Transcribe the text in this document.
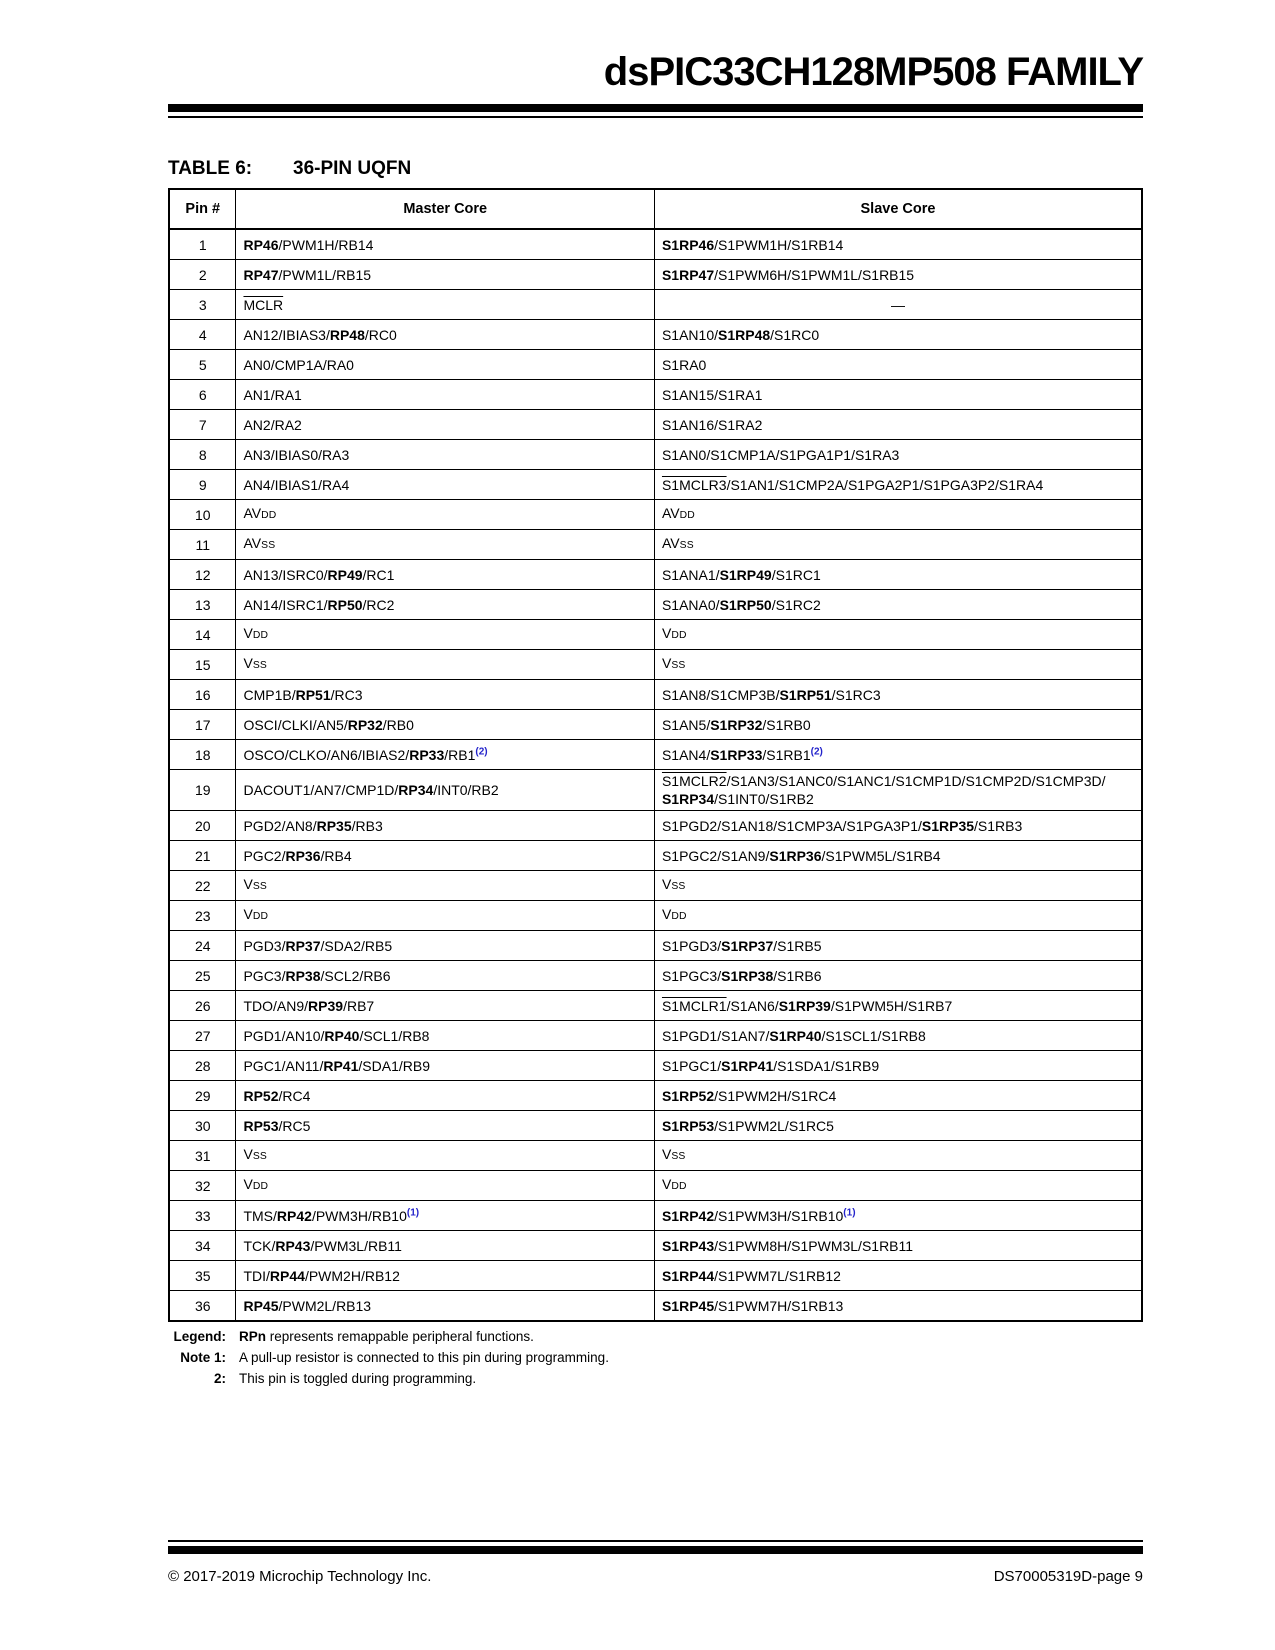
dsPIC33CH128MP508 FAMILY
TABLE 6:	36-PIN UQFN
Pin #	Master Core	Slave Core
1	RP46/PWM1H/RB14	S1RP46/S1PWM1H/S1RB14
2	RP47/PWM1L/RB15	S1RP47/S1PWM6H/S1PWM1L/S1RB15
3	MCLR	—
4	AN12/IBIAS3/RP48/RC0	S1AN10/S1RP48/S1RC0
5	AN0/CMP1A/RA0	S1RA0
6	AN1/RA1	S1AN15/S1RA1
7	AN2/RA2	S1AN16/S1RA2
8	AN3/IBIAS0/RA3	S1AN0/S1CMP1A/S1PGA1P1/S1RA3
9	AN4/IBIAS1/RA4	S1MCLR3/S1AN1/S1CMP2A/S1PGA2P1/S1PGA3P2/S1RA4
10	AVDD	AVDD
11	AVSS	AVSS
12	AN13/ISRC0/RP49/RC1	S1ANA1/S1RP49/S1RC1
13	AN14/ISRC1/RP50/RC2	S1ANA0/S1RP50/S1RC2
14	VDD	VDD
15	VSS	VSS
16	CMP1B/RP51/RC3	S1AN8/S1CMP3B/S1RP51/S1RC3
17	OSCI/CLKI/AN5/RP32/RB0	S1AN5/S1RP32/S1RB0
18	OSCO/CLKO/AN6/IBIAS2/RP33/RB1$^{(2)}$	S1AN4/S1RP33/S1RB1$^{(2)}$
19	DACOUT1/AN7/CMP1D/RP34/INT0/RB2	S1MCLR2/S1AN3/S1ANC0/S1ANC1/S1CMP1D/S1CMP2D/S1CMP3D/
S1RP34/S1INT0/S1RB2
20	PGD2/AN8/RP35/RB3	S1PGD2/S1AN18/S1CMP3A/S1PGA3P1/S1RP35/S1RB3
21	PGC2/RP36/RB4	S1PGC2/S1AN9/S1RP36/S1PWM5L/S1RB4
22	VSS	VSS
23	VDD	VDD
24	PGD3/RP37/SDA2/RB5	S1PGD3/S1RP37/S1RB5
25	PGC3/RP38/SCL2/RB6	S1PGC3/S1RP38/S1RB6
26	TDO/AN9/RP39/RB7	S1MCLR1/S1AN6/S1RP39/S1PWM5H/S1RB7
27	PGD1/AN10/RP40/SCL1/RB8	S1PGD1/S1AN7/S1RP40/S1SCL1/S1RB8
28	PGC1/AN11/RP41/SDA1/RB9	S1PGC1/S1RP41/S1SDA1/S1RB9
29	RP52/RC4	S1RP52/S1PWM2H/S1RC4
30	RP53/RC5	S1RP53/S1PWM2L/S1RC5
31	VSS	VSS
32	VDD	VDD
33	TMS/RP42/PWM3H/RB10$^{(1)}$	S1RP42/S1PWM3H/S1RB10$^{(1)}$
34	TCK/RP43/PWM3L/RB11	S1RP43/S1PWM8H/S1PWM3L/S1RB11
35	TDI/RP44/PWM2H/RB12	S1RP44/S1PWM7L/S1RB12
36	RP45/PWM2L/RB13	S1RP45/S1PWM7H/S1RB13
Legend: RPn represents remappable peripheral functions.
Note 1: A pull-up resistor is connected to this pin during programming.
2: This pin is toggled during programming.
© 2017-2019 Microchip Technology Inc.	DS70005319D-page 9
